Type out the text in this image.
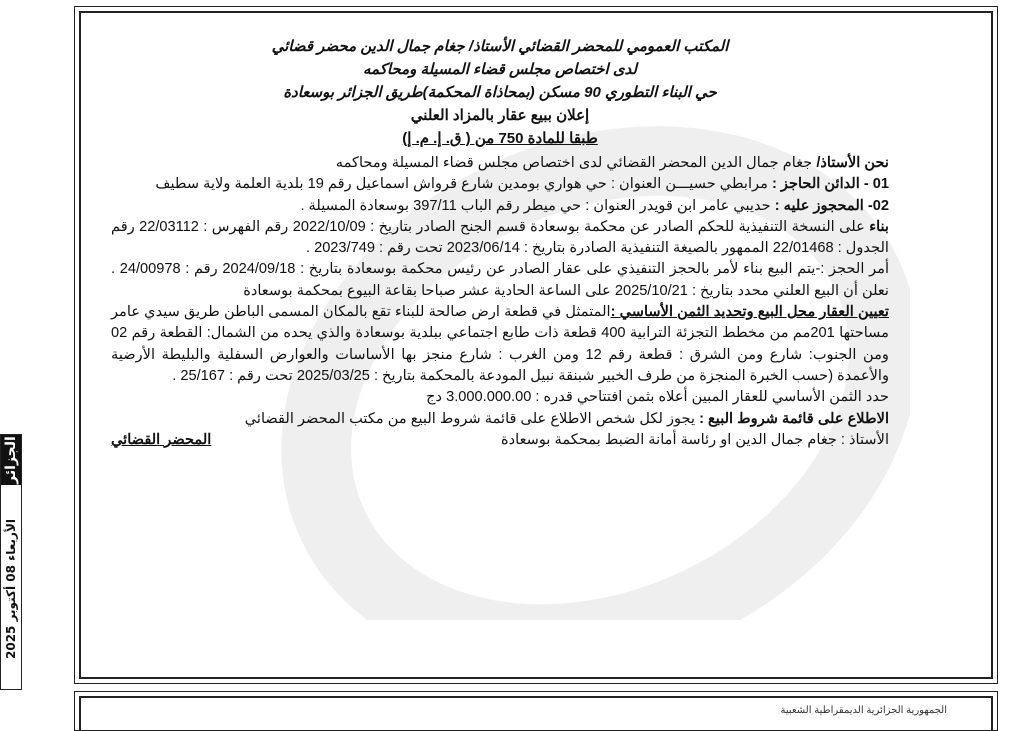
المكتب العمومي للمحضر القضائي الأستاذ/ جغام جمال الدين محضر قضائي

لدى اختصاص مجلس قضاء المسيلة ومحاكمه

حي البناء التطوري 90 مسكن (بمحاذاة المحكمة)طريق الجزائر بوسعادة

إعلان ببيع عقار بالمزاد العلني

طبقا للمادة 750 من ( ق. إ. م. إ)

نحن الأستاذ/ جغام جمال الدين المحضر القضائي لدى اختصاص مجلس قضاء المسيلة ومحاكمه

01 - الدائن الحاجز : مرابطي حسيـــن العنوان : حي هواري بومدين شارع قرواش اسماعيل رقم 19 بلدية العلمة ولاية سطيف

02- المحجوز عليه : حديبي عامر ابن قويدر العنوان : حي ميطر رقم الباب 397/11 بوسعادة المسيلة .

بناء على النسخة التنفيذية للحكم الصادر عن محكمة بوسعادة قسم الجنح الصادر بتاريخ : 2022/10/09 رقم الفهرس : 22/03112 رقم الجدول : 22/01468 الممهور بالصيغة التنفيذية الصادرة بتاريخ : 2023/06/14 تحت رقم : 2023/749 .

أمر الحجز :-يتم البيع بناء لأمر بالحجز التنفيذي على عقار الصادر عن رئيس محكمة بوسعادة بتاريخ : 2024/09/18 رقم : 24/00978 . نعلن أن البيع العلني محدد بتاريخ : 2025/10/21 على الساعة الحادية عشر صباحا بقاعة البيوع بمحكمة بوسعادة

تعيين العقار محل البيع وتحديد الثمن الأساسي :المتمثل في قطعة ارض صالحة للبناء تقع بالمكان المسمى الباطن طريق سيدي عامر مساحتها 201مم من مخطط التجزئة الترابية 400 قطعة ذات طابع اجتماعي ببلدية بوسعادة والذي يحده من الشمال: القطعة رقم 02 ومن الجنوب: شارع ومن الشرق : قطعة رقم 12 ومن الغرب : شارع منجز بها الأساسات والعوارض السفلية والبليطة الأرضية والأعمدة (حسب الخبرة المنجزة من طرف الخبير شبنقة نبيل المودعة بالمحكمة بتاريخ : 2025/03/25 تحت رقم : 25/167 .

حدد الثمن الأساسي للعقار المبين أعلاه بثمن افتتاحي قدره : 3.000.000.00 دج

الاطلاع على قائمة شروط البيع : يجوز لكل شخص الاطلاع على قائمة شروط البيع من مكتب المحضر القضائي

الأستاذ : جغام جمال الدين او رئاسة أمانة الضبط بمحكمة بوسعادة
المحضر القضائي
الجزائر
الأربعاء 08 أكتوبر 2025
الجمهورية الجزائرية الديمقراطية الشعبية
